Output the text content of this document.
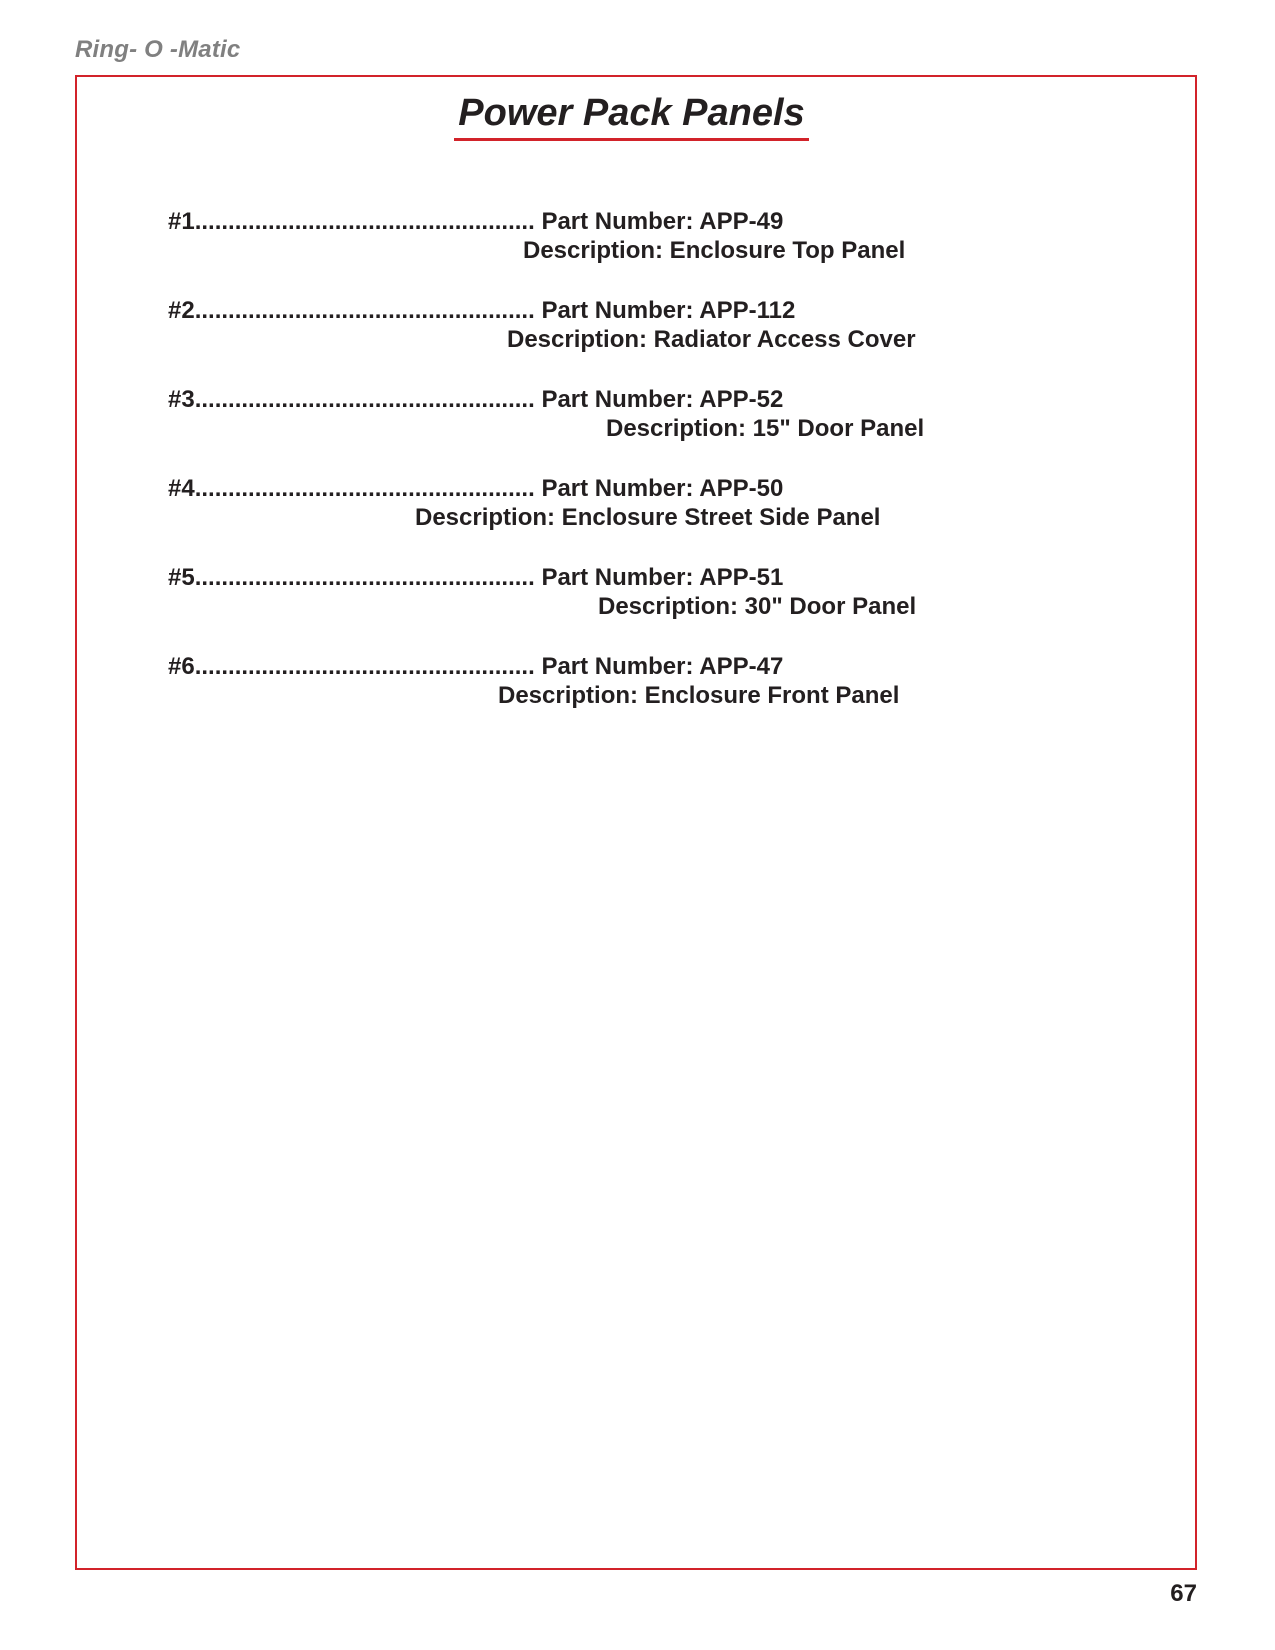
Ring- O -Matic
Power Pack Panels
#1................................................... Part Number: APP-49
Description: Enclosure Top Panel
#2................................................... Part Number: APP-112
Description: Radiator Access Cover
#3................................................... Part Number: APP-52
Description: 15" Door Panel
#4................................................... Part Number: APP-50
Description: Enclosure Street Side Panel
#5................................................... Part Number: APP-51
Description: 30" Door Panel
#6................................................... Part Number: APP-47
Description: Enclosure Front Panel
67
